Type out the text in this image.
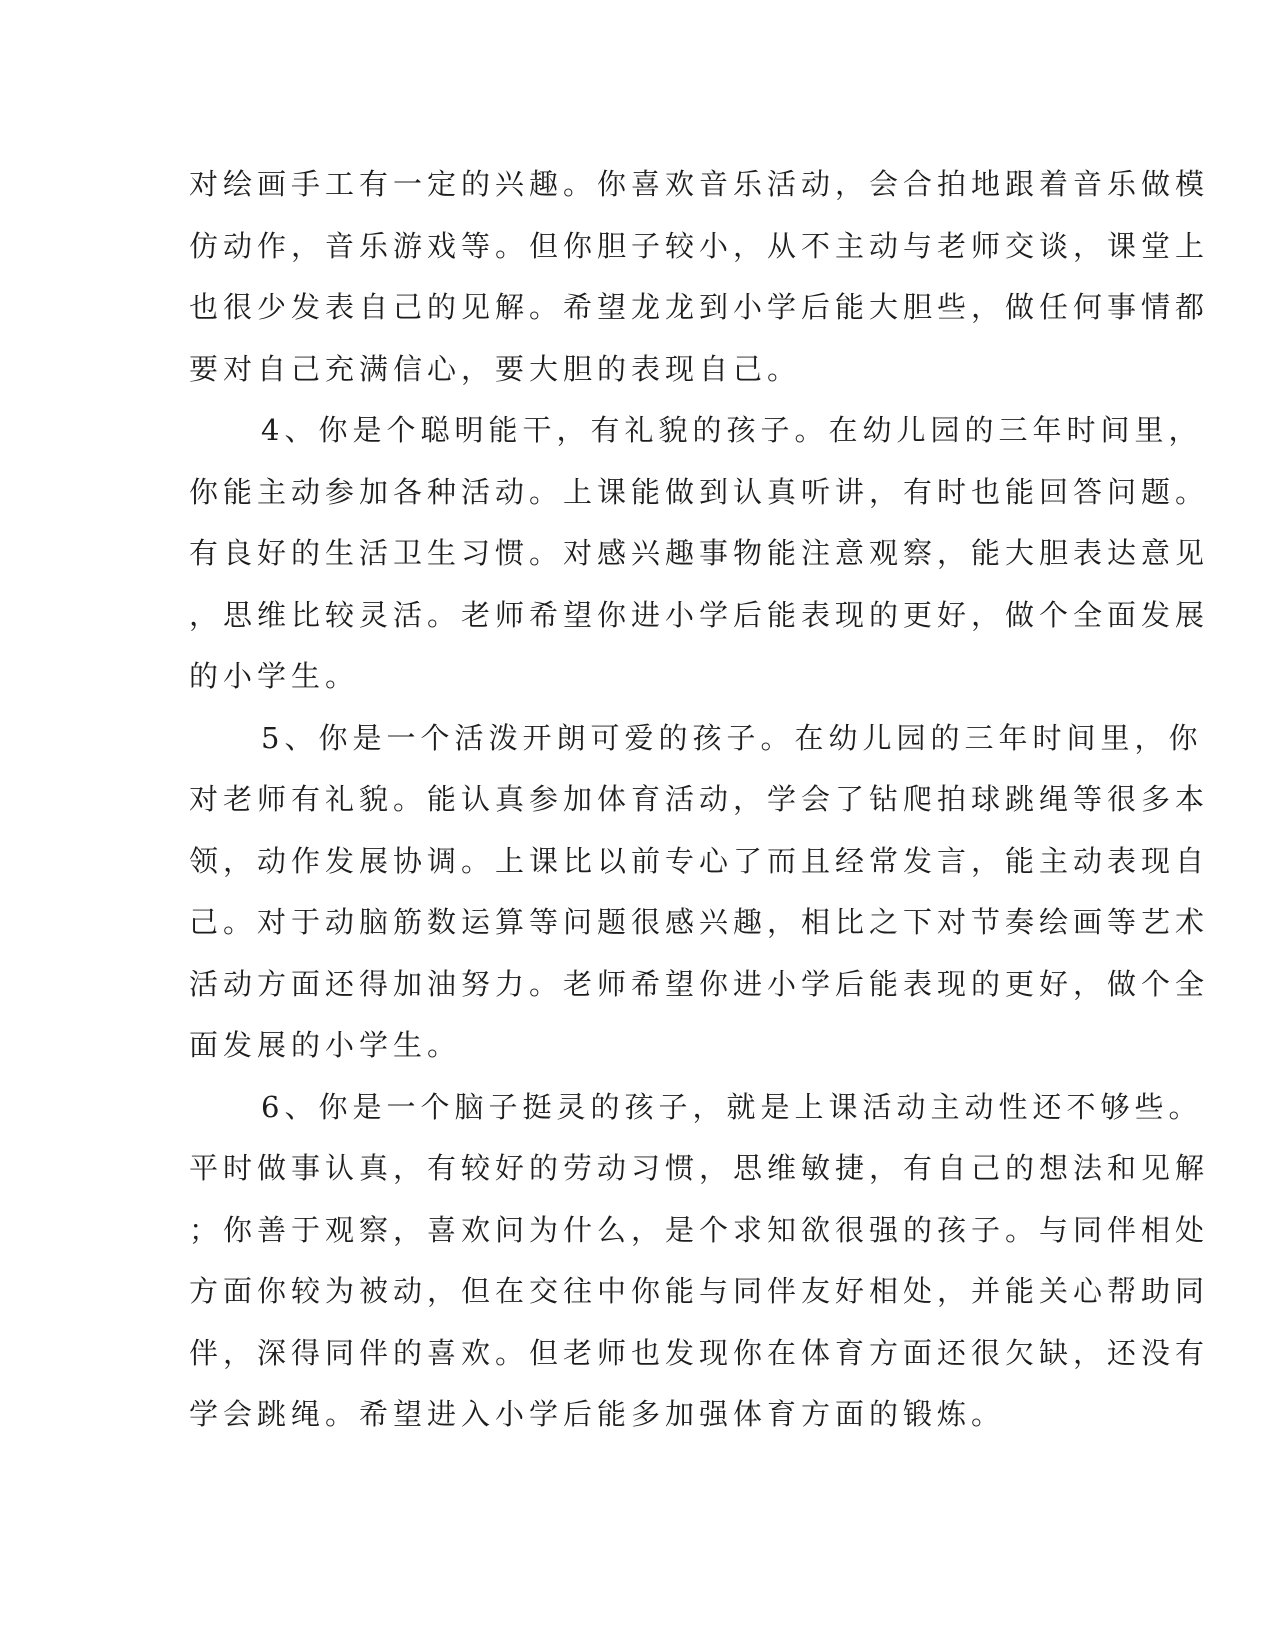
对绘画手工有一定的兴趣。你喜欢音乐活动，会合拍地跟着音乐做模
仿动作，音乐游戏等。但你胆子较小，从不主动与老师交谈，课堂上
也很少发表自己的见解。希望龙龙到小学后能大胆些，做任何事情都
要对自己充满信心，要大胆的表现自己。
4、你是个聪明能干，有礼貌的孩子。在幼儿园的三年时间里，
你能主动参加各种活动。上课能做到认真听讲，有时也能回答问题。
有良好的生活卫生习惯。对感兴趣事物能注意观察，能大胆表达意见
，思维比较灵活。老师希望你进小学后能表现的更好，做个全面发展
的小学生。
5、你是一个活泼开朗可爱的孩子。在幼儿园的三年时间里，你
对老师有礼貌。能认真参加体育活动，学会了钻爬拍球跳绳等很多本
领，动作发展协调。上课比以前专心了而且经常发言，能主动表现自
己。对于动脑筋数运算等问题很感兴趣，相比之下对节奏绘画等艺术
活动方面还得加油努力。老师希望你进小学后能表现的更好，做个全
面发展的小学生。
6、你是一个脑子挺灵的孩子，就是上课活动主动性还不够些。
平时做事认真，有较好的劳动习惯，思维敏捷，有自己的想法和见解
；你善于观察，喜欢问为什么，是个求知欲很强的孩子。与同伴相处
方面你较为被动，但在交往中你能与同伴友好相处，并能关心帮助同
伴，深得同伴的喜欢。但老师也发现你在体育方面还很欠缺，还没有
学会跳绳。希望进入小学后能多加强体育方面的锻炼。
